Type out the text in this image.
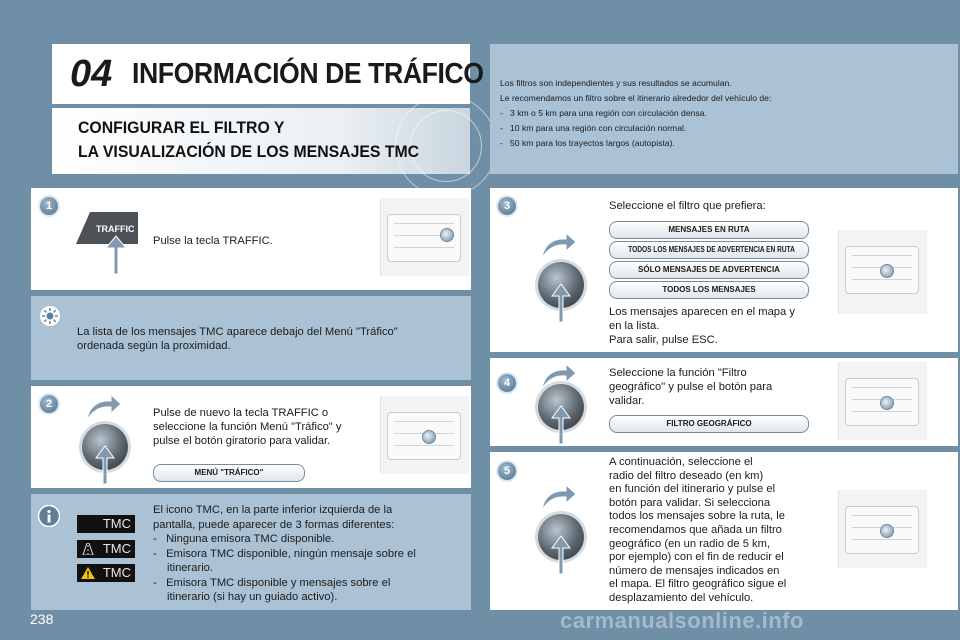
04 INFORMACIÓN DE TRÁFICO
CONFIGURAR EL FILTRO Y
LA VISUALIZACIÓN DE LOS MENSAJES TMC
Los filtros son independientes y sus resultados se acumulan.
Le recomendamos un filtro sobre el itinerario alrededor del vehículo de:
-   3 km o 5 km para una región con circulación densa.
-   10 km para una región con circulación normal.
-   50 km para los trayectos largos (autopista).
1
TRAFFIC
Pulse la tecla TRAFFIC.
La lista de los mensajes TMC aparece debajo del Menú "Tráfico"
ordenada según la proximidad.
2
Pulse de nuevo la tecla TRAFFIC o
seleccione la función Menú "Tráfico" y
pulse el botón giratorio para validar.
MENÚ "TRÁFICO"
TMC
TMC
TMC
El icono TMC, en la parte inferior izquierda de la
pantalla, puede aparecer de 3 formas diferentes:
-   Ninguna emisora TMC disponible.
-   Emisora TMC disponible, ningún mensaje sobre el
itinerario.
-   Emisora TMC disponible y mensajes sobre el
itinerario (si hay un guiado activo).
3	Seleccione el filtro que prefiera:
MENSAJES EN RUTA
TODOS LOS MENSAJES DE ADVERTENCIA EN RUTA
SÓLO MENSAJES DE ADVERTENCIA
TODOS LOS MENSAJES
Los mensajes aparecen en el mapa y
en la lista.
Para salir, pulse ESC.
4
Seleccione la función "Filtro
geográfico" y pulse el botón para
validar.
FILTRO GEOGRÁFICO
5
A continuación, seleccione el
radio del filtro deseado (en km)
en función del itinerario y pulse el
botón para validar. Si selecciona
todos los mensajes sobre la ruta, le
recomendamos que añada un filtro
geográfico (en un radio de 5 km,
por ejemplo) con el fin de reducir el
número de mensajes indicados en
el mapa. El filtro geográfico sigue el
desplazamiento del vehículo.
238	carmanualsonline.info
